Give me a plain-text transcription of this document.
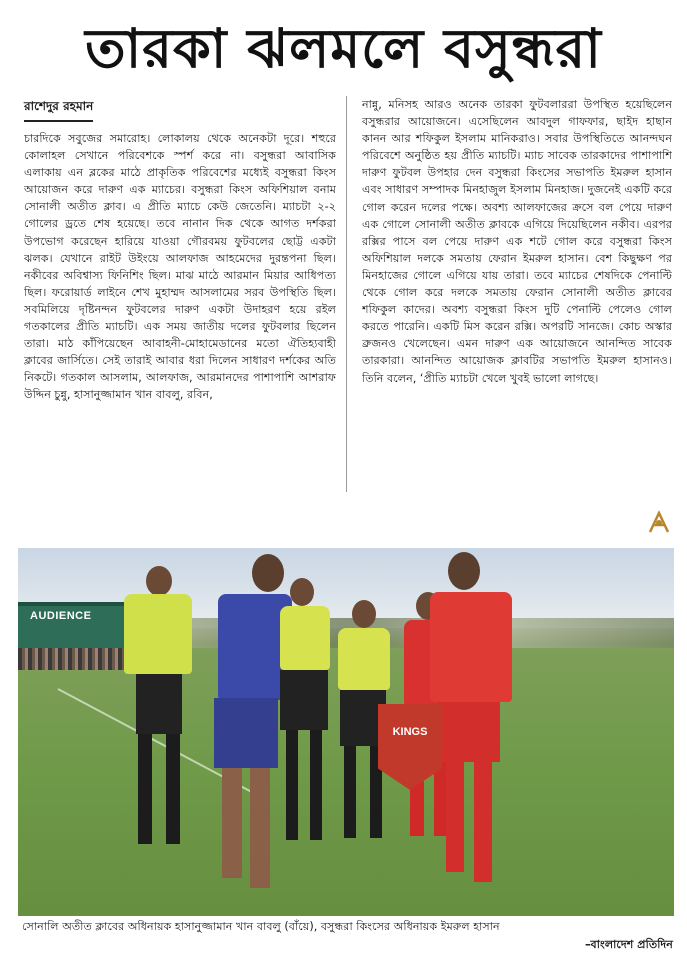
তারকা ঝলমলে বসুন্ধরা
রাশেদুর রহমান

চারদিকে সবুজের সমারোহ। লোকালয় থেকে অনেকটা দূরে। শহুরে কোলাহল সেখানে পরিবেশকে স্পর্শ করে না। বসুন্ধরা আবাসিক এলাকায় এন ব্লকের মাঠে প্রাকৃতিক পরিবেশের মধ্যেই বসুন্ধরা কিংস আয়োজন করে দারুণ এক ম্যাচের। বসুন্ধরা কিংস অফিশিয়াল বনাম সোনালী অতীত ক্লাব। এ প্রীতি ম্যাচে কেউ জেতেনি। ম্যাচটা ২-২ গোলের ড্রতে শেষ হয়েছে। তবে নানান দিক থেকে আগত দর্শকরা উপভোগ করেছেন হারিয়ে যাওয়া গৌরবময় ফুটবলের ছোট্ট একটা ঝলক। যেখানে রাইট উইংয়ে আলফাজ আহমেদের দুরন্তপনা ছিল। নকীবের অবিশ্বাস্য ফিনিশিং ছিল। মাঝ মাঠে আরমান মিয়ার আধিপত্য ছিল। ফরোয়ার্ড লাইনে শেখ মুহাম্মদ আসলামের সরব উপস্থিতি ছিল। সবমিলিয়ে দৃষ্টিনন্দন ফুটবলের দারুণ একটা উদাহরণ হয়ে রইল গতকালের প্রীতি ম্যাচটি। এক সময় জাতীয় দলের ফুটবলার ছিলেন তারা। মাঠ কাঁপিয়েছেন আবাহনী-মোহামেডানের মতো ঐতিহ্যবাহী ক্লাবের জার্সিতে। সেই তারাই আবার ধরা দিলেন সাধারণ দর্শকের অতি নিকটে। গতকাল আসলাম, আলফাজ, আরমানদের পাশাপাশি আশরাফ উদ্দিন চুন্নু, হাসানুজ্জামান খান বাবলু, রবিন,

নান্নু, মনিসহ আরও অনেক তারকা ফুটবলাররা উপস্থিত হয়েছিলেন বসুন্ধরার আয়োজনে। এসেছিলেন আবদুল গাফফার, ছাইদ হাছান কানন আর শফিকুল ইসলাম মানিকরাও। সবার উপস্থিতিতে আনন্দঘন পরিবেশে অনুষ্ঠিত হয় প্রীতি ম্যাচটি। ম্যাচ সাবেক তারকাদের পাশাপাশি দারুণ ফুটবল উপহার দেন বসুন্ধরা কিংসের সভাপতি ইমরুল হাসান এবং সাধারণ সম্পাদক মিনহাজুল ইসলাম মিনহাজ। দুজনেই একটি করে গোল করেন দলের পক্ষে। অবশ্য আলফাজের ক্রসে বল পেয়ে দারুণ এক গোলে সোনালী অতীত ক্লাবকে এগিয়ে দিয়েছিলেন নকীব। এরপর রক্সির পাসে বল পেয়ে দারুণ এক শটে গোল করে বসুন্ধরা কিংস অফিশিয়াল দলকে সমতায় ফেরান ইমরুল হাসান। বেশ কিছুক্ষণ পর মিনহাজের গোলে এগিয়ে যায় তারা। তবে ম্যাচের শেষদিকে পেনাল্টি থেকে গোল করে দলকে সমতায় ফেরান সোনালী অতীত ক্লাবের শফিকুল কাদের। অবশ্য বসুন্ধরা কিংস দুটি পেনাল্টি পেলেও গোল করতে পারেনি। একটি মিস করেন রক্সি। অপরটি সানজে। কোচ অস্কার ব্রুজনও খেলেছেন। এমন দারুণ এক আয়োজনে আনন্দিত সাবেক তারকারা। আনন্দিত আয়োজক ক্লাবটির সভাপতি ইমরুল হাসানও। তিনি বলেন, ‘প্রীতি ম্যাচটা খেলে খুবই ভালো লাগছে।

AUDIENCE
KINGS
সোনালি অতীত ক্লাবের অধিনায়ক হাসানুজ্জামান খান বাবলু (বাঁয়ে), বসুন্ধরা কিংসের অধিনায়ক ইমরুল হাসান
–বাংলাদেশ প্রতিদিন
